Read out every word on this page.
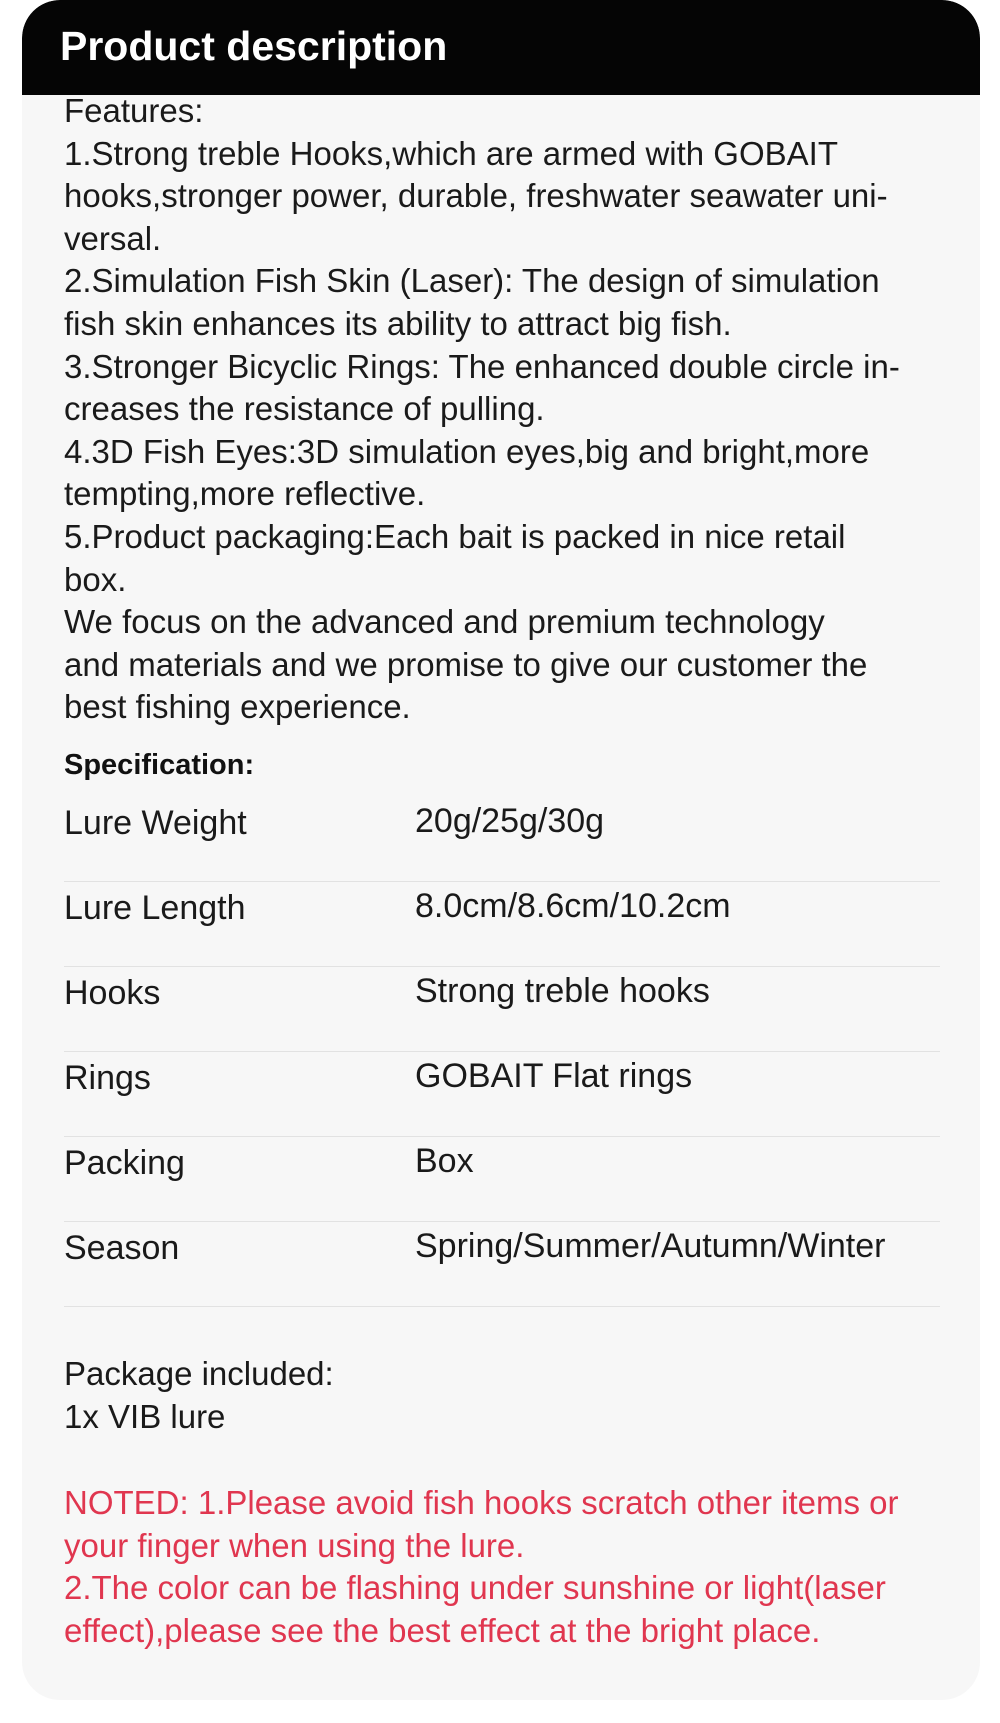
Product description

Features:

1.Strong treble Hooks,which are armed with GOBAIT

hooks,stronger power, durable, freshwater seawater uni-

versal.

2.Simulation Fish Skin (Laser): The design of simulation

fish skin enhances its ability to attract big fish.

3.Stronger Bicyclic Rings: The enhanced double circle in-

creases the resistance of pulling.

4.3D Fish Eyes:3D simulation eyes,big and bright,more

tempting,more reflective.

5.Product packaging:Each bait is packed in nice retail

box.

We focus on the advanced and premium technology

and materials and we promise to give our customer the

best fishing experience.

Specification:
Lure Weight	20g/25g/30g
Lure Length	8.0cm/8.6cm/10.2cm
Hooks	Strong treble hooks
Rings	GOBAIT Flat rings
Packing	Box
Season	Spring/Summer/Autumn/Winter

Package included:

1x VIB lure

NOTED: 1.Please avoid fish hooks scratch other items or

your finger when using the lure.

2.The color can be flashing under sunshine or light(laser

effect),please see the best effect at the bright place.
